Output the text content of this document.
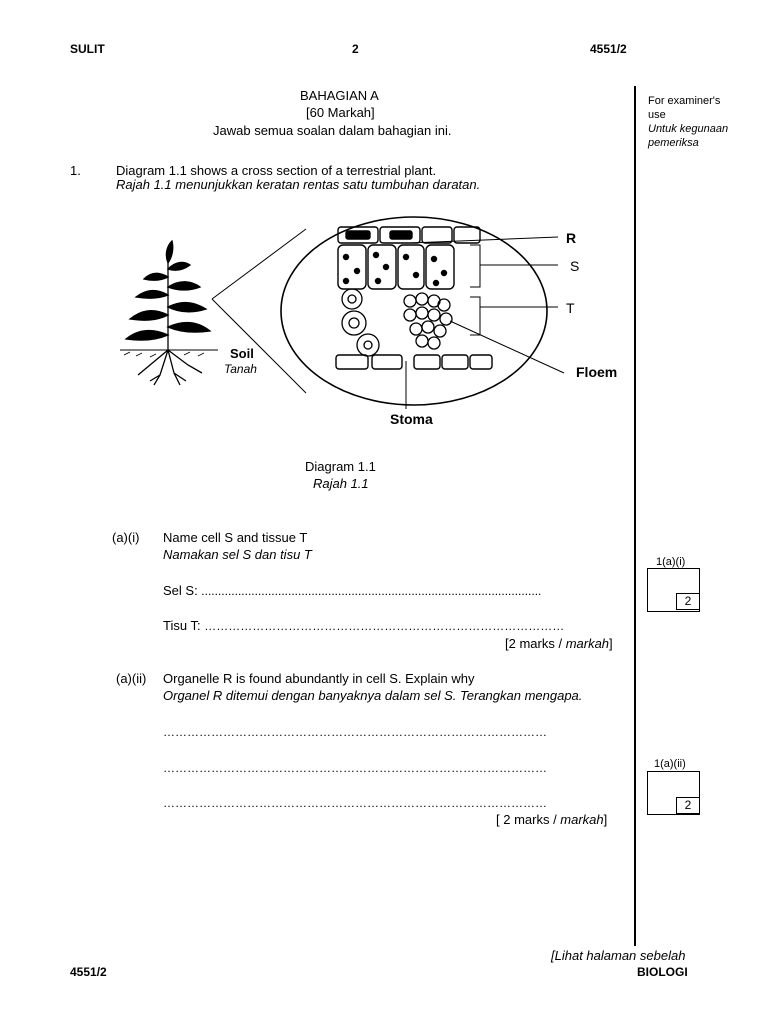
SULIT	2	4551/2
For examiner's
use
Untuk kegunaan
pemeriksa
BAHAGIAN A
[60 Markah]
Jawab semua soalan dalam bahagian ini.
1.	Diagram 1.1 shows a cross section of a terrestrial plant.
Rajah 1.1 menunjukkan keratan rentas satu tumbuhan daratan.
Soil
Tanah
R
S
T
Floem
Stoma
Diagram 1.1
Rajah 1.1
(a)(i) Name cell S and tissue T
Namakan sel S dan tisu T
Sel S: ......................................................................................................
Tisu T: ………………………………………………………………………………
[2 marks / markah]
1(a)(i)
2
(a)(ii) Organelle R is found abundantly in cell S. Explain why
Organel R ditemui dengan banyaknya dalam sel S. Terangkan mengapa.
……………………………………………………………………………………
……………………………………………………………………………………
……………………………………………………………………………………
[ 2 marks / markah]
1(a)(ii)
2
[Lihat halaman sebelah
4551/2	BIOLOGI
